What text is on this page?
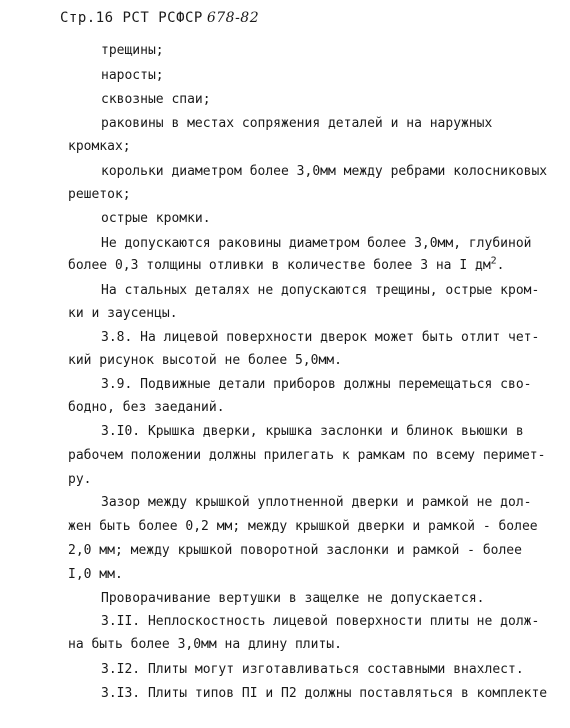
Стр.16 РСТ РСФСР 678-82
трещины;
наросты;
сквозные спаи;
раковины в местах сопряжения деталей и на наружных
кромках;
корольки диаметром более 3,0мм между ребрами колосниковых
решеток;
острые кромки.
Не допускаются раковины диаметром более 3,0мм, глубиной
более 0,3 толщины отливки в количестве более 3 на I $дм^2$.
На стальных деталях не допускаются трещины, острые кром-
ки и заусенцы.
3.8. На лицевой поверхности дверок может быть отлит чет-
кий рисунок высотой не более 5,0мм.
3.9. Подвижные детали приборов должны перемещаться сво-
бодно, без заеданий.
3.I0. Крышка дверки, крышка заслонки и блинок вьюшки в
рабочем положении должны прилегать к рамкам по всему перимет-
ру.
Зазор между крышкой уплотненной дверки и рамкой не дол-
жен быть более 0,2 мм; между крышкой дверки и рамкой - более
2,0 мм; между крышкой поворотной заслонки и рамкой - более
I,0 мм.
Проворачивание вертушки в защелке не допускается.
3.II. Неплоскостность лицевой поверхности плиты не долж-
на быть более 3,0мм на длину плиты.
3.I2. Плиты могут изготавливаться составными внахлест.
3.I3. Плиты типов ПI и П2 должны поставляться в комплекте
